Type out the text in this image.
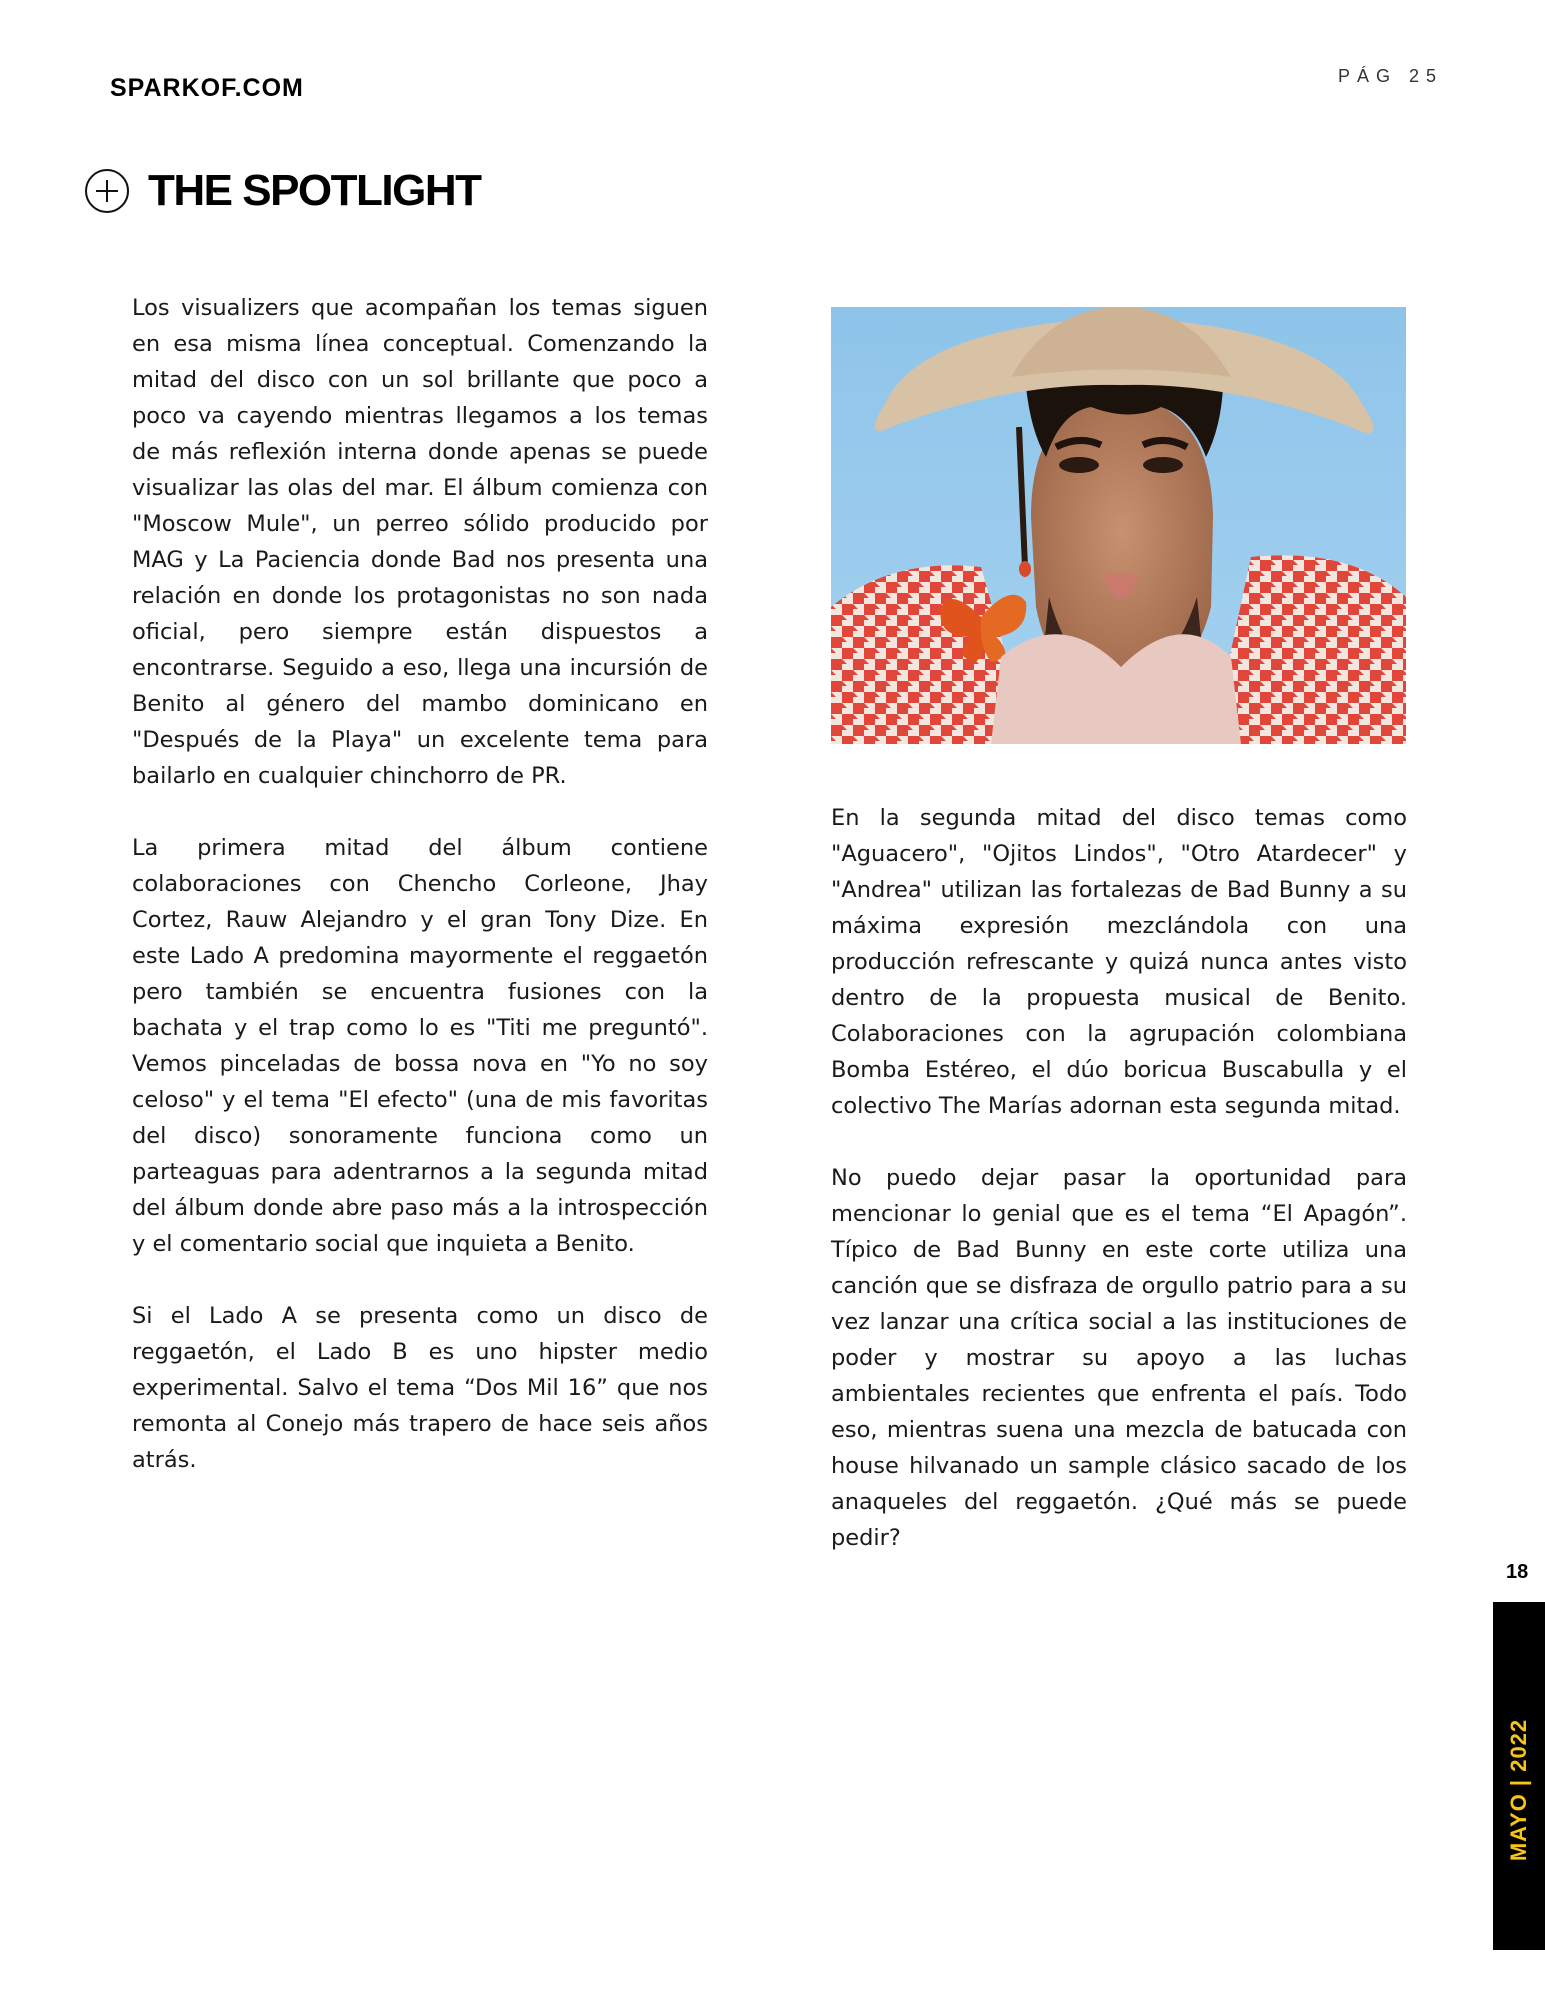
SPARKOF.COM	PÁG 25
THE SPOTLIGHT

Los visualizers que acompañan los temas siguen en esa misma línea conceptual. Comenzando la mitad del disco con un sol brillante que poco a poco va cayendo mientras llegamos a los temas de más reflexión interna donde apenas se puede visualizar las olas del mar. El álbum comienza con "Moscow Mule", un perreo sólido producido por MAG y La Paciencia donde Bad nos presenta una relación en donde los protagonistas no son nada oficial, pero siempre están dispuestos a encontrarse. Seguido a eso, llega una incursión de Benito al género del mambo dominicano en "Después de la Playa" un excelente tema para bailarlo en cualquier chinchorro de PR.

La primera mitad del álbum contiene colaboraciones con Chencho Corleone, Jhay Cortez, Rauw Alejandro y el gran Tony Dize. En este Lado A predomina mayormente el reggaetón pero también se encuentra fusiones con la bachata y el trap como lo es "Titi me preguntó". Vemos pinceladas de bossa nova en "Yo no soy celoso" y el tema "El efecto" (una de mis favoritas del disco) sonoramente funciona como un parteaguas para adentrarnos a la segunda mitad del álbum donde abre paso más a la introspección y el comentario social que inquieta a Benito.

Si el Lado A se presenta como un disco de reggaetón, el Lado B es uno hipster medio experimental. Salvo el tema “Dos Mil 16” que nos remonta al Conejo más trapero de hace seis años atrás.

En la segunda mitad del disco temas como "Aguacero", "Ojitos Lindos", "Otro Atardecer" y "Andrea" utilizan las fortalezas de Bad Bunny a su máxima expresión mezclándola con una producción refrescante y quizá nunca antes visto dentro de la propuesta musical de Benito. Colaboraciones con la agrupación colombiana Bomba Estéreo, el dúo boricua Buscabulla y el colectivo The Marías adornan esta segunda mitad.

No puedo dejar pasar la oportunidad para mencionar lo genial que es el tema “El Apagón”. Típico de Bad Bunny en este corte utiliza una canción que se disfraza de orgullo patrio para a su vez lanzar una crítica social a las instituciones de poder y mostrar su apoyo a las luchas ambientales recientes que enfrenta el país. Todo eso, mientras suena una mezcla de batucada con house hilvanado un sample clásico sacado de los anaqueles del reggaetón. ¿Qué más se puede pedir?

18
MAYO | 2022
